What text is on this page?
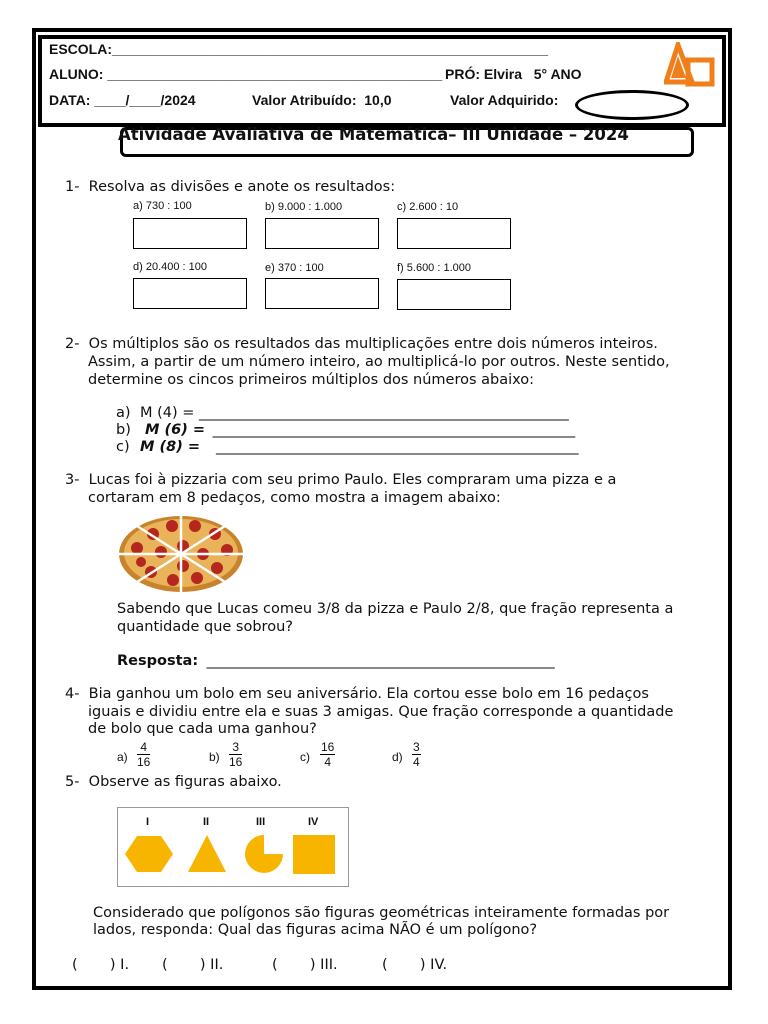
ESCOLA:________________________________________________________
ALUNO: ___________________________________________ PRÓ: Elvira   5° ANO
DATA: ____/____/2024	Valor Atribuído:  10,0	Valor Adquirido:
Atividade Avaliativa de Matemática– III Unidade – 2024
1-  Resolva as divisões e anote os resultados:
a) 730 : 100	b) 9.000 : 1.000	c) 2.600 : 10
d) 20.400 : 100	e) 370 : 100	f) 5.600 : 1.000
2-  Os múltiplos são os resultados das multiplicações entre dois números inteiros.
Assim, a partir de um número inteiro, ao multiplicá-lo por outros. Neste sentido,
determine os cincos primeiros múltiplos dos números abaixo:
a) M (4) = ___________________________________________________
b) M (6) = __________________________________________________
c) M (8) = __________________________________________________
3-  Lucas foi à pizzaria com seu primo Paulo. Eles compraram uma pizza e a
cortaram em 8 pedaços, como mostra a imagem abaixo:
Sabendo que Lucas comeu 3/8 da pizza e Paulo 2/8, que fração representa a
quantidade que sobrou?
Resposta: ________________________________________________
4-  Bia ganhou um bolo em seu aniversário. Ela cortou esse bolo em 16 pedaços
iguais e dividiu entre ela e suas 3 amigas. Que fração corresponde a quantidade
de bolo que cada uma ganhou?
$a) \frac{4}{16}$	$b) \frac{3}{16}$	$c) \frac{16}{4}$	$d) \frac{3}{4}$
5-  Observe as figuras abaixo.
I	II	III	IV
Considerado que polígonos são figuras geométricas inteiramente formadas por
lados, responda: Qual das figuras acima NÃO é um polígono?
(       ) I. (       ) II.	(       ) III.	(       ) IV.
